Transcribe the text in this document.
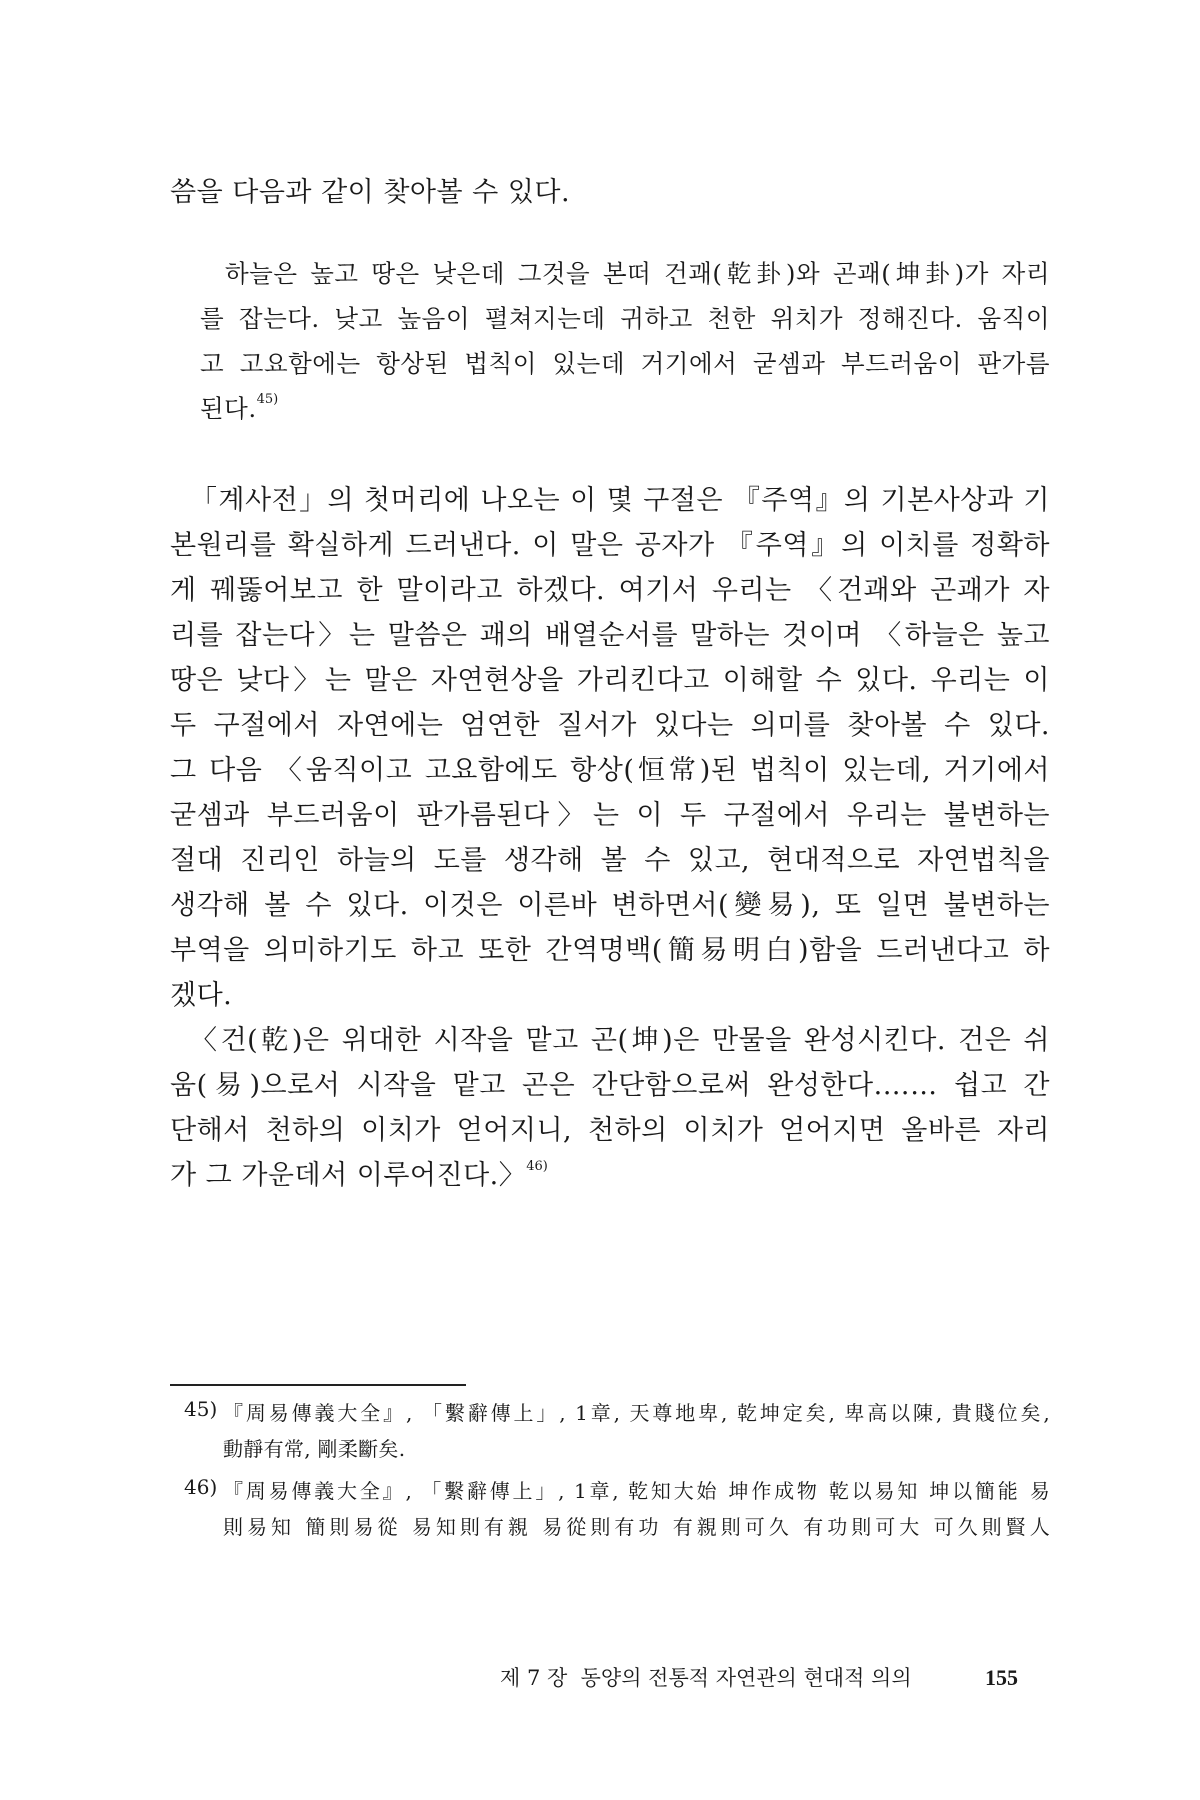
씀을 다음과 같이 찾아볼 수 있다.
하늘은 높고 땅은 낮은데 그것을 본떠 건괘(乾卦)와 곤괘(坤卦)가 자리
를 잡는다. 낮고 높음이 펼쳐지는데 귀하고 천한 위치가 정해진다. 움직이
고 고요함에는 항상된 법칙이 있는데 거기에서 굳셈과 부드러움이 판가름
된다.$^{45)}$
「계사전」의 첫머리에 나오는 이 몇 구절은 『주역』의 기본사상과 기
본원리를 확실하게 드러낸다. 이 말은 공자가 『주역』의 이치를 정확하
게 꿰뚫어보고 한 말이라고 하겠다. 여기서 우리는 〈건괘와 곤괘가 자
리를 잡는다〉는 말씀은 괘의 배열순서를 말하는 것이며 〈하늘은 높고
땅은 낮다〉는 말은 자연현상을 가리킨다고 이해할 수 있다. 우리는 이
두 구절에서 자연에는 엄연한 질서가 있다는 의미를 찾아볼 수 있다.
그 다음 〈움직이고 고요함에도 항상(恒常)된 법칙이 있는데, 거기에서
굳셈과 부드러움이 판가름된다〉는 이 두 구절에서 우리는 불변하는
절대 진리인 하늘의 도를 생각해 볼 수 있고, 현대적으로 자연법칙을
생각해 볼 수 있다. 이것은 이른바 변하면서(變易), 또 일면 불변하는
부역을 의미하기도 하고 또한 간역명백(簡易明白)함을 드러낸다고 하
겠다.
〈건(乾)은 위대한 시작을 맡고 곤(坤)은 만물을 완성시킨다. 건은 쉬
움(易)으로서 시작을 맡고 곤은 간단함으로써 완성한다.…… 쉽고 간
단해서 천하의 이치가 얻어지니, 천하의 이치가 얻어지면 올바른 자리
가 그 가운데서 이루어진다.〉$^{46)}$
45) 『周易傳義大全』, 「繫辭傳上」, 1章, 天尊地卑, 乾坤定矣, 卑高以陳, 貴賤位矣,
動靜有常, 剛柔斷矣.
46) 『周易傳義大全』, 「繫辭傳上」, 1章, 乾知大始 坤作成物 乾以易知 坤以簡能 易
則易知 簡則易從 易知則有親 易從則有功 有親則可久 有功則可大 可久則賢人
제 7 장  동양의 전통적 자연관의 현대적 의의	155
